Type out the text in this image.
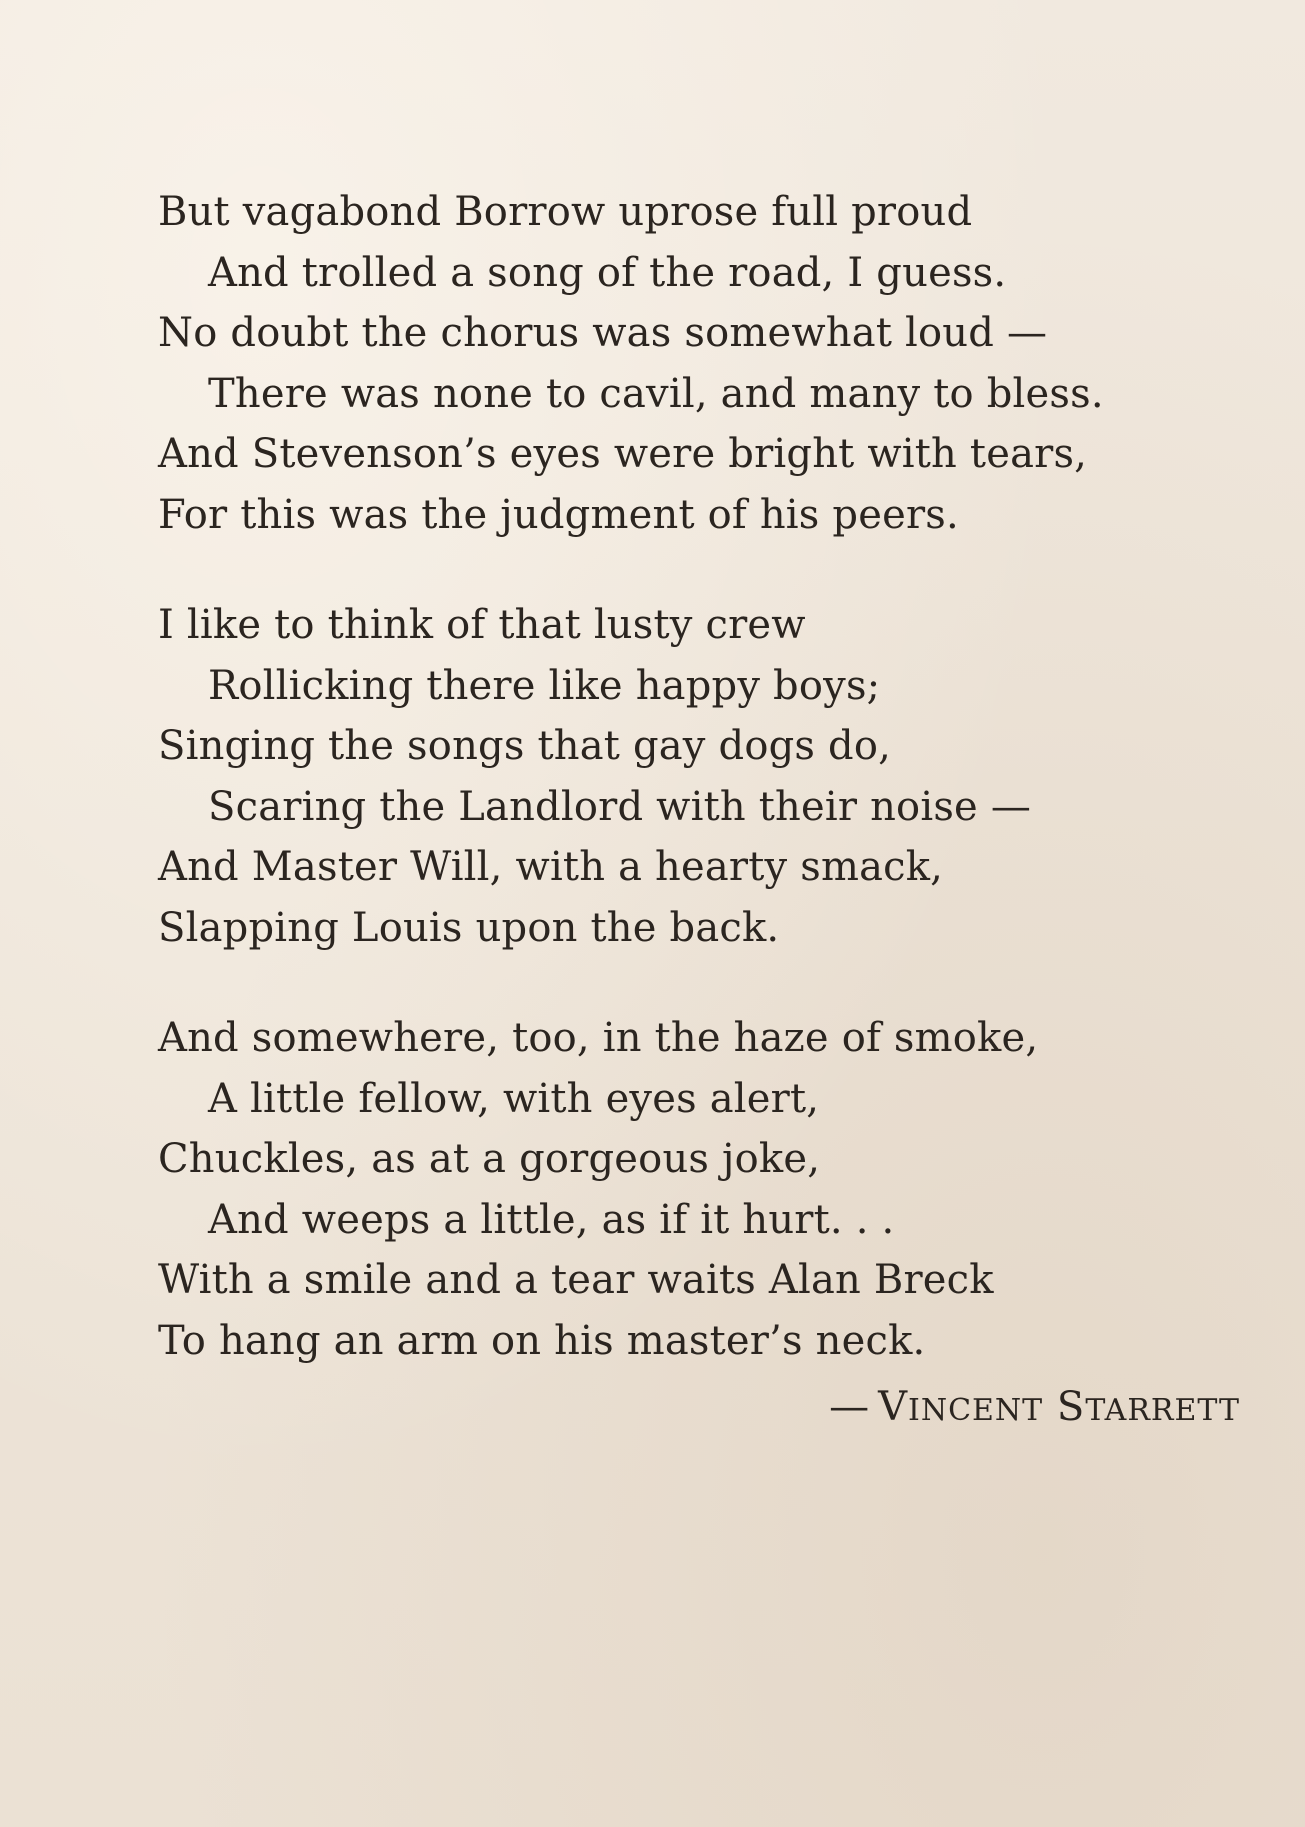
But vagabond Borrow uprose full proud
And trolled a song of the road, I guess.
No doubt the chorus was somewhat loud —
There was none to cavil, and many to bless.
And Stevenson’s eyes were bright with tears,
For this was the judgment of his peers.
I like to think of that lusty crew
Rollicking there like happy boys;
Singing the songs that gay dogs do,
Scaring the Landlord with their noise —
And Master Will, with a hearty smack,
Slapping Louis upon the back.
And somewhere, too, in the haze of smoke,
A little fellow, with eyes alert,
Chuckles, as at a gorgeous joke,
And weeps a little, as if it hurt. . .
With a smile and a tear waits Alan Breck
To hang an arm on his master’s neck.
— VINCENT STARRETT
